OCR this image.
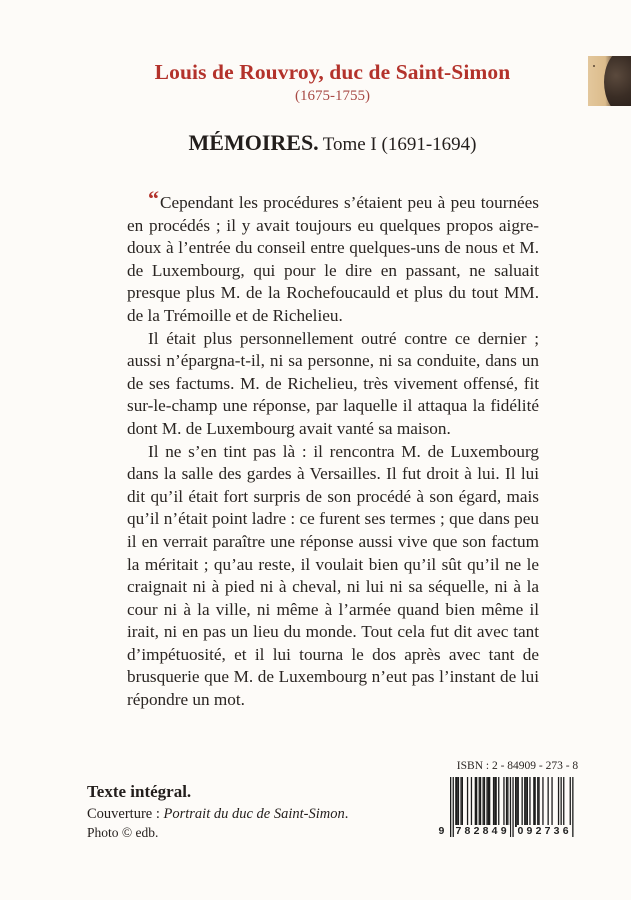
Louis de Rouvroy, duc de Saint-Simon
(1675-1755)
MÉMOIRES. Tome I (1691-1694)

“Cependant les procédures s’étaient peu à peu tournées en procédés ; il y avait toujours eu quelques propos aigre-doux à l’entrée du conseil entre quelques-uns de nous et M. de Luxembourg, qui pour le dire en passant, ne saluait presque plus M. de la Rochefoucauld et plus du tout MM. de la Trémoille et de Richelieu.

Il était plus personnellement outré contre ce dernier ; aussi n’épargna-t-il, ni sa personne, ni sa conduite, dans un de ses factums. M. de Richelieu, très vivement offensé, fit sur-le-champ une réponse, par laquelle il attaqua la fidélité dont M. de Luxembourg avait vanté sa maison.

Il ne s’en tint pas là : il rencontra M. de Luxembourg dans la salle des gardes à Versailles. Il fut droit à lui. Il lui dit qu’il était fort surpris de son procédé à son égard, mais qu’il n’était point ladre : ce furent ses termes ; que dans peu il en verrait paraître une réponse aussi vive que son factum la méritait ; qu’au reste, il voulait bien qu’il sût qu’il ne le craignait ni à pied ni à cheval, ni lui ni sa séquelle, ni à la cour ni à la ville, ni même à l’armée quand bien même il irait, ni en pas un lieu du monde. Tout cela fut dit avec tant d’impétuosité, et il lui tourna le dos après avec tant de brusquerie que M. de Luxembourg n’eut pas l’instant de lui répondre un mot.

Texte intégral.
Couverture : Portrait du duc de Saint-Simon.
Photo © edb.
ISBN : 2 - 84909 - 273 - 8
9 782849 092736
